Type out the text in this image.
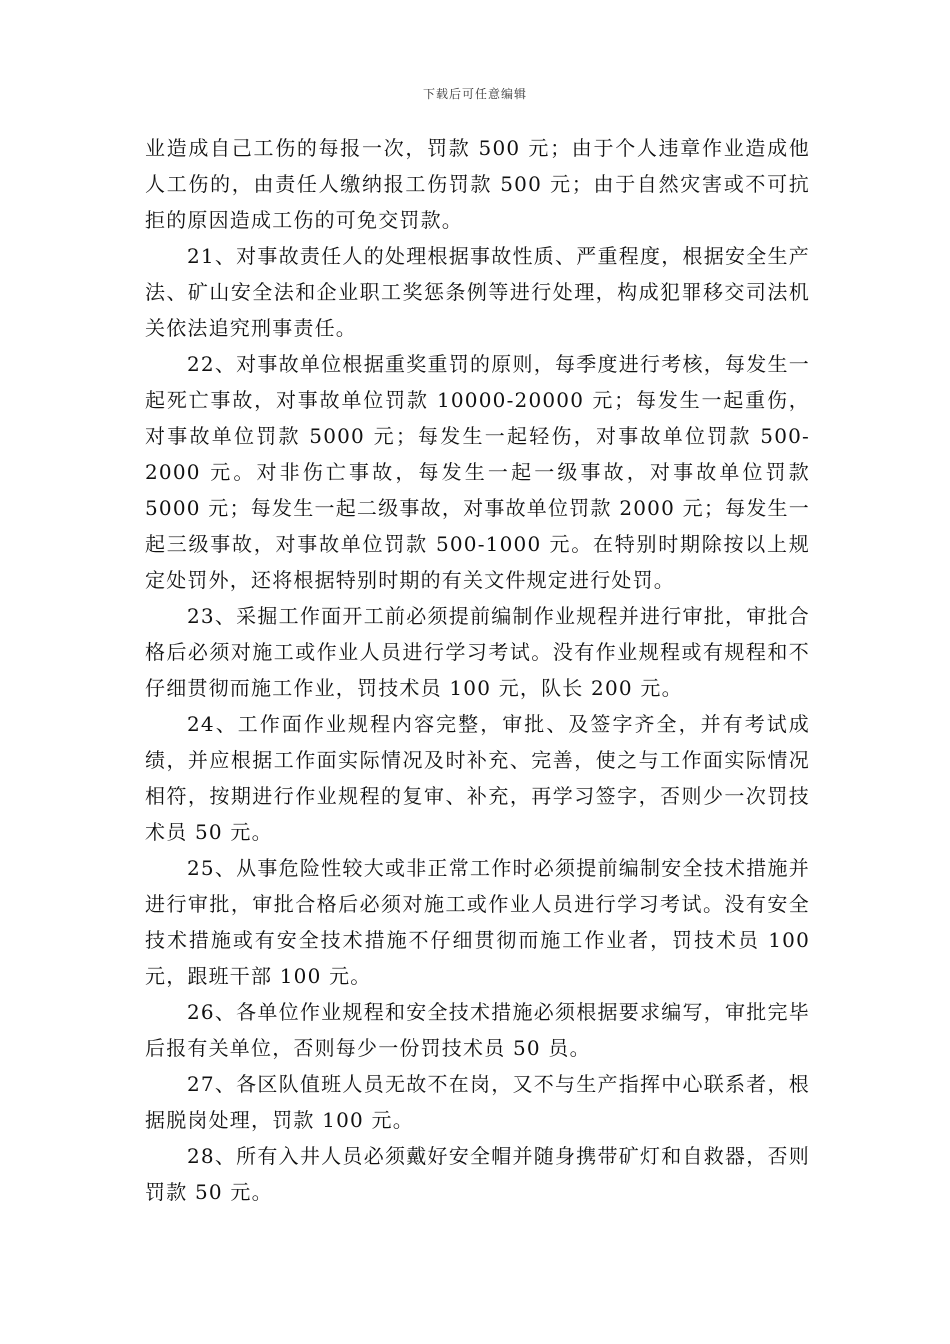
下载后可任意编辑

业造成自己工伤的每报一次，罚款 500 元；由于个人违章作业造成他人工伤的，由责任人缴纳报工伤罚款 500 元；由于自然灾害或不可抗拒的原因造成工伤的可免交罚款。

21、对事故责任人的处理根据事故性质、严重程度，根据安全生产法、矿山安全法和企业职工奖惩条例等进行处理，构成犯罪移交司法机关依法追究刑事责任。

22、对事故单位根据重奖重罚的原则，每季度进行考核，每发生一起死亡事故，对事故单位罚款 10000-20000 元；每发生一起重伤，对事故单位罚款 5000 元；每发生一起轻伤，对事故单位罚款 500-2000 元。对非伤亡事故，每发生一起一级事故，对事故单位罚款 5000 元；每发生一起二级事故，对事故单位罚款 2000 元；每发生一起三级事故，对事故单位罚款 500-1000 元。在特别时期除按以上规定处罚外，还将根据特别时期的有关文件规定进行处罚。

23、采掘工作面开工前必须提前编制作业规程并进行审批，审批合格后必须对施工或作业人员进行学习考试。没有作业规程或有规程和不仔细贯彻而施工作业，罚技术员 100 元，队长 200 元。

24、工作面作业规程内容完整，审批、及签字齐全，并有考试成绩，并应根据工作面实际情况及时补充、完善，使之与工作面实际情况相符，按期进行作业规程的复审、补充，再学习签字，否则少一次罚技术员 50 元。

25、从事危险性较大或非正常工作时必须提前编制安全技术措施并进行审批，审批合格后必须对施工或作业人员进行学习考试。没有安全技术措施或有安全技术措施不仔细贯彻而施工作业者，罚技术员 100 元，跟班干部 100 元。

26、各单位作业规程和安全技术措施必须根据要求编写，审批完毕后报有关单位，否则每少一份罚技术员 50 员。

27、各区队值班人员无故不在岗，又不与生产指挥中心联系者，根据脱岗处理，罚款 100 元。

28、所有入井人员必须戴好安全帽并随身携带矿灯和自救器，否则罚款 50 元。
